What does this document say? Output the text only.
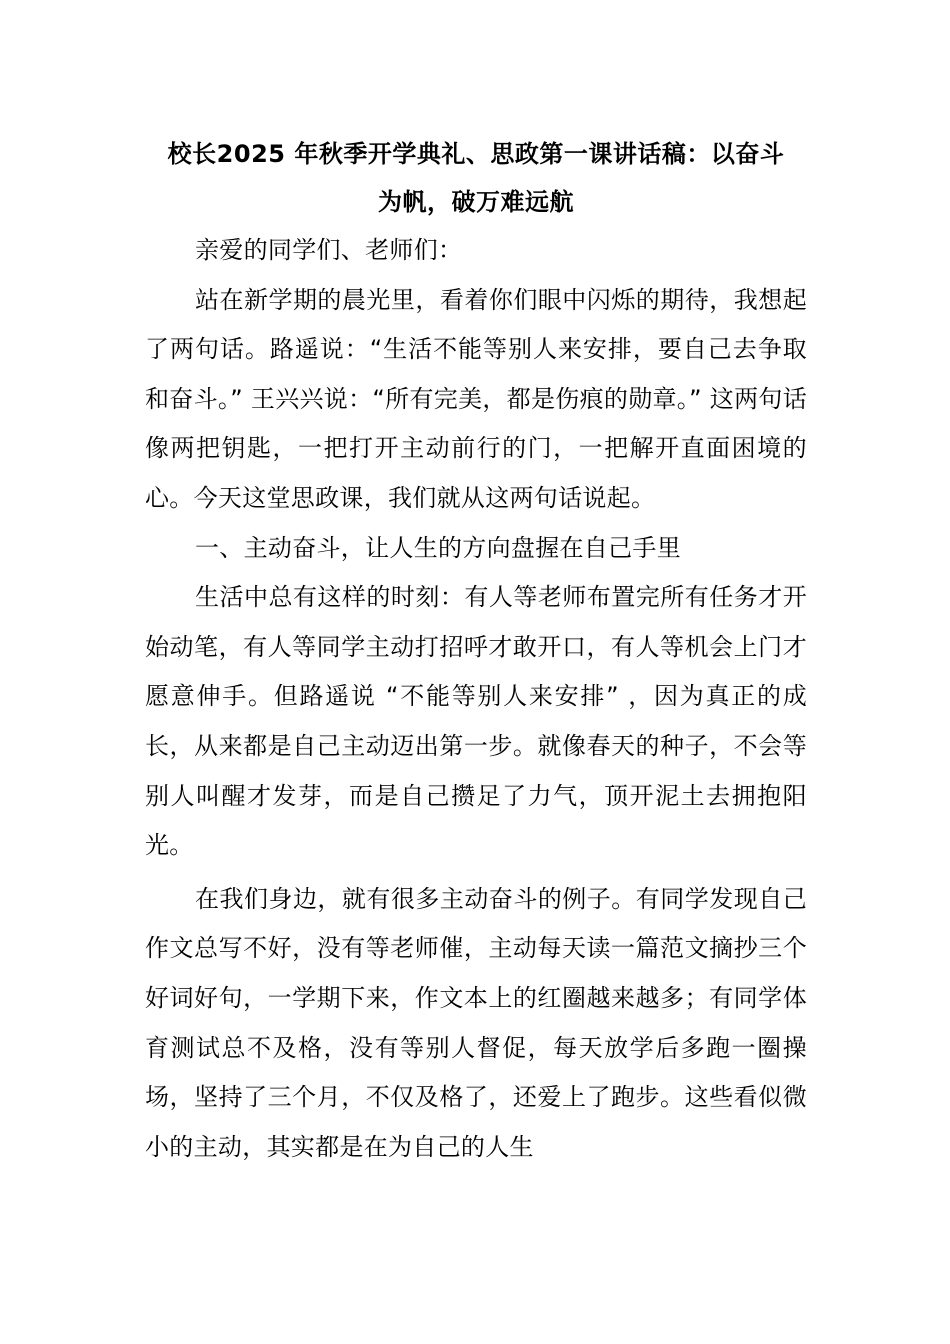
校长2025 年秋季开学典礼、思政第一课讲话稿：以奋斗

为帆，破万难远航

亲爱的同学们、老师们：

站在新学期的晨光里，看着你们眼中闪烁的期待，我想起了两句话。路遥说：“生活不能等别人来安排，要自己去争取和奋斗。” 王兴兴说：“所有完美，都是伤痕的勋章。” 这两句话像两把钥匙，一把打开主动前行的门，一把解开直面困境的心。今天这堂思政课，我们就从这两句话说起。

一、主动奋斗，让人生的方向盘握在自己手里

生活中总有这样的时刻：有人等老师布置完所有任务才开始动笔，有人等同学主动打招呼才敢开口，有人等机会上门才愿意伸手。但路遥说 “不能等别人来安排” ，因为真正的成长，从来都是自己主动迈出第一步。就像春天的种子，不会等别人叫醒才发芽，而是自己攒足了力气，顶开泥土去拥抱阳光。

在我们身边，就有很多主动奋斗的例子。有同学发现自己作文总写不好，没有等老师催，主动每天读一篇范文摘抄三个好词好句，一学期下来，作文本上的红圈越来越多；有同学体育测试总不及格，没有等别人督促，每天放学后多跑一圈操场，坚持了三个月，不仅及格了，还爱上了跑步。这些看似微小的主动，其实都是在为自己的人生
